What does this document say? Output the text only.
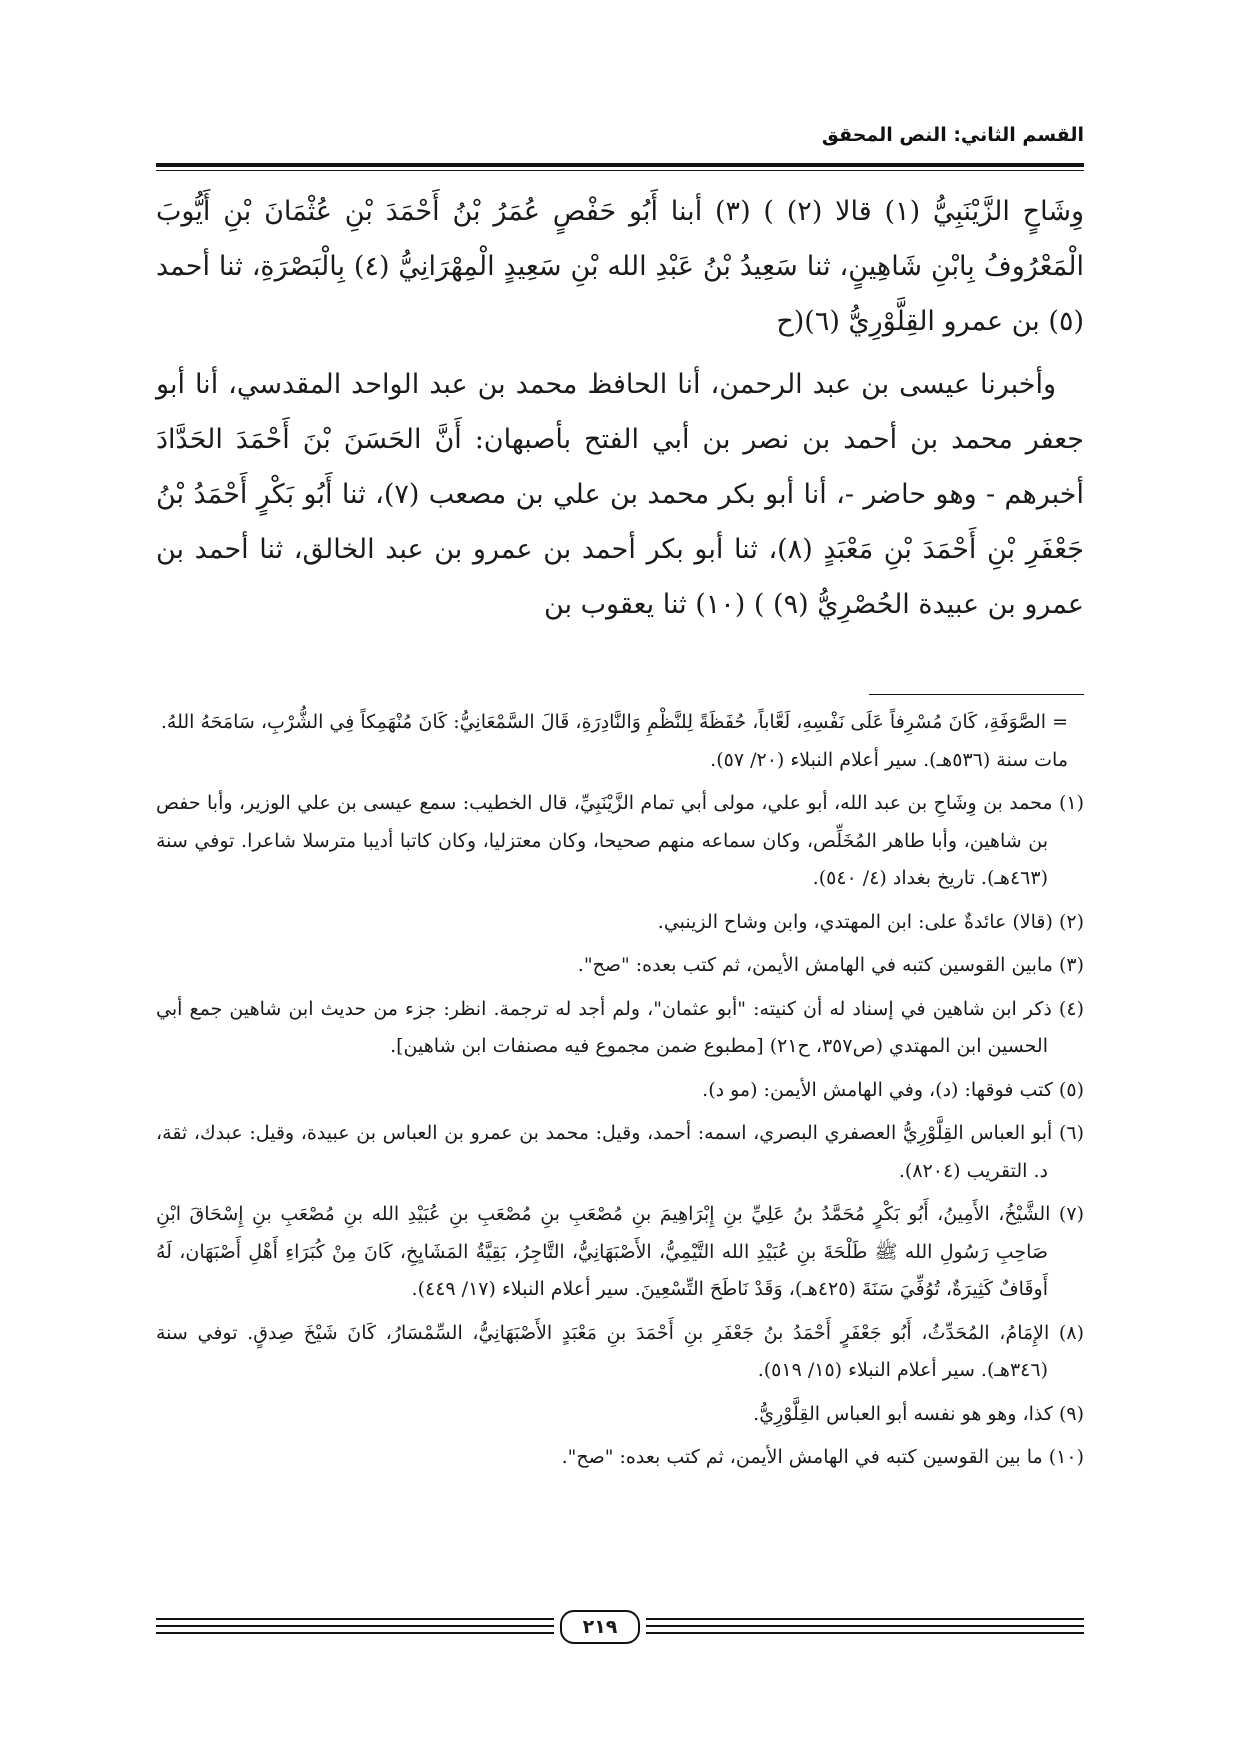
القسم الثاني: النص المحقق

وِشَاحٍ الزَّيْنَبِيُّ (١) قالا (٢) ) (٣) أبنا أَبُو حَفْصٍ عُمَرُ بْنُ أَحْمَدَ بْنِ عُثْمَانَ بْنِ أَيُّوبَ الْمَعْرُوفُ بِابْنِ شَاهِينٍ، ثنا سَعِيدُ بْنُ عَبْدِ الله بْنِ سَعِيدٍ الْمِهْرَانِيُّ (٤) بِالْبَصْرَةِ، ثنا أحمد (٥) بن عمرو القِلَّوْرِيُّ (٦)(ح

وأخبرنا عيسى بن عبد الرحمن، أنا الحافظ محمد بن عبد الواحد المقدسي، أنا أبو جعفر محمد بن أحمد بن نصر بن أبي الفتح بأصبهان: أَنَّ الحَسَنَ بْنَ أَحْمَدَ الحَدَّادَ أخبرهم - وهو حاضر -، أنا أبو بكر محمد بن علي بن مصعب (٧)، ثنا أَبُو بَكْرٍ أَحْمَدُ بْنُ جَعْفَرِ بْنِ أَحْمَدَ بْنِ مَعْبَدٍ (٨)، ثنا أبو بكر أحمد بن عمرو بن عبد الخالق، ثنا أحمد بن عمرو بن عبيدة الحُصْرِيُّ (٩) ) (١٠) ثنا يعقوب بن

= الصَّوَفَةِ، كَانَ مُسْرِفاً عَلَى نَفْسِهِ، لَعَّاباً، حُفَظَةً لِلنَّظْمِ وَالنَّادِرَةِ، قَالَ السَّمْعَانِيُّ: كَانَ مُنْهَمِكاً فِي الشُّرْبِ، سَامَحَهُ اللهُ.
مات سنة (٥٣٦هـ). سير أعلام النبلاء (٢٠/ ٥٧).
(١) محمد بن وِشَاحِ بن عبد الله، أبو علي، مولى أبي تمام الزَّيْنَبِيِّ، قال الخطيب: سمع عيسى بن علي الوزير، وأبا حفص بن شاهين، وأبا طاهر المُخَلِّص، وكان سماعه منهم صحيحا، وكان معتزليا، وكان كاتبا أديبا مترسلا شاعرا. توفي سنة (٤٦٣هـ). تاريخ بغداد (٤/ ٥٤٠).
(٢) (قالا) عائدةٌ على: ابن المهتدي، وابن وشاح الزينبي.
(٣) مابين القوسين كتبه في الهامش الأيمن، ثم كتب بعده: "صح".
(٤) ذكر ابن شاهين في إسناد له أن كنيته: "أبو عثمان"، ولم أجد له ترجمة. انظر: جزء من حديث ابن شاهين جمع أبي الحسين ابن المهتدي (ص٣٥٧، ح٢١) [مطبوع ضمن مجموع فيه مصنفات ابن شاهين].
(٥) كتب فوقها: (د)، وفي الهامش الأيمن: (مو د).
(٦) أبو العباس القِلَّوْرِيُّ العصفري البصري، اسمه: أحمد، وقيل: محمد بن عمرو بن العباس بن عبيدة، وقيل: عبدك، ثقة، د. التقريب (٨٢٠٤).
(٧) الشَّيْخُ، الأَمِينُ، أَبُو بَكْرٍ مُحَمَّدُ بنُ عَلِيِّ بنِ إِبْرَاهِيمَ بنِ مُصْعَبِ بنِ مُصْعَبِ بنِ عُبَيْدِ الله بنِ مُصْعَبِ بنِ إِسْحَاقَ ابْنِ صَاحِبِ رَسُولِ الله ﷺ طَلْحَةَ بنِ عُبَيْدِ الله التَّيْمِيُّ، الأَصْبَهَانِيُّ، التَّاجِرُ، بَقِيَّةُ المَشَايِخِ، كَانَ مِنْ كُبَرَاءِ أَهْلِ أَصْبَهَان، لَهُ أَوقَافٌ كَثِيرَةٌ، تُوُفِّيَ سَنَةَ (٤٢٥هـ)، وَقَدْ نَاطَحَ التِّسْعِينَ. سير أعلام النبلاء (١٧/ ٤٤٩).
(٨) الإِمَامُ، المُحَدِّثُ، أَبُو جَعْفَرٍ أَحْمَدُ بنُ جَعْفَرِ بنِ أَحْمَدَ بنِ مَعْبَدٍ الأَصْبَهَانِيُّ، السِّمْسَارُ، كَانَ شَيْخَ صِدقٍ. توفي سنة (٣٤٦هـ). سير أعلام النبلاء (١٥/ ٥١٩).
(٩) كذا، وهو هو نفسه أبو العباس القِلَّوْرِيُّ.
(١٠) ما بين القوسين كتبه في الهامش الأيمن، ثم كتب بعده: "صح".
٢١٩
